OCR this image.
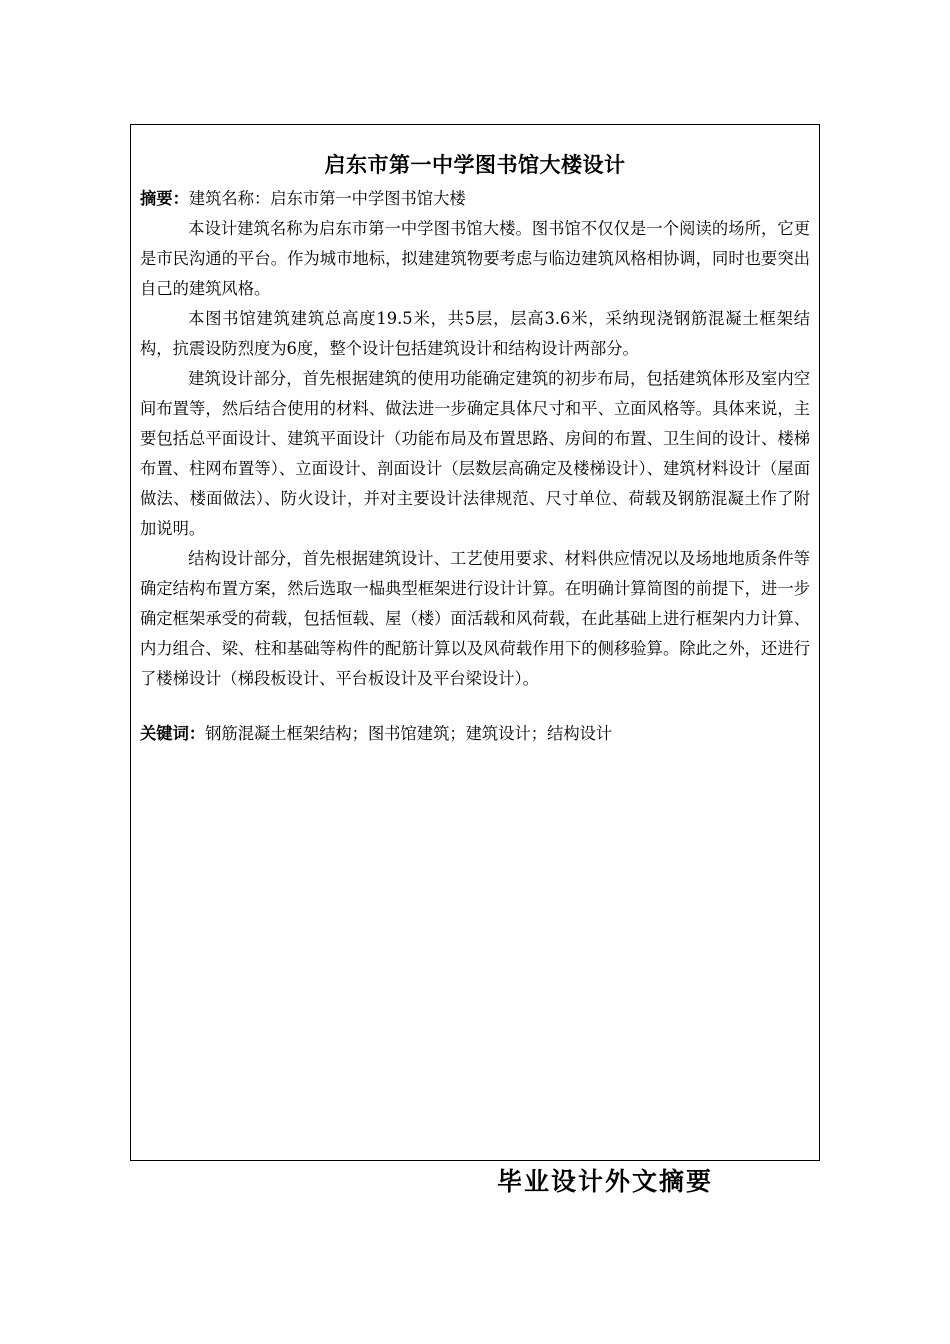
启东市第一中学图书馆大楼设计

摘要：建筑名称：启东市第一中学图书馆大楼

本设计建筑名称为启东市第一中学图书馆大楼。图书馆不仅仅是一个阅读的场所，它更是市民沟通的平台。作为城市地标，拟建建筑物要考虑与临边建筑风格相协调，同时也要突出自己的建筑风格。

本图书馆建筑建筑总高度19.5米，共5层，层高3.6米，采纳现浇钢筋混凝土框架结构，抗震设防烈度为6度，整个设计包括建筑设计和结构设计两部分。

建筑设计部分，首先根据建筑的使用功能确定建筑的初步布局，包括建筑体形及室内空间布置等，然后结合使用的材料、做法进一步确定具体尺寸和平、立面风格等。具体来说，主要包括总平面设计、建筑平面设计（功能布局及布置思路、房间的布置、卫生间的设计、楼梯布置、柱网布置等）、立面设计、剖面设计（层数层高确定及楼梯设计）、建筑材料设计（屋面做法、楼面做法）、防火设计，并对主要设计法律规范、尺寸单位、荷载及钢筋混凝土作了附加说明。

结构设计部分，首先根据建筑设计、工艺使用要求、材料供应情况以及场地地质条件等确定结构布置方案，然后选取一榀典型框架进行设计计算。在明确计算简图的前提下，进一步确定框架承受的荷载，包括恒载、屋（楼）面活载和风荷载，在此基础上进行框架内力计算、内力组合、梁、柱和基础等构件的配筋计算以及风荷载作用下的侧移验算。除此之外，还进行了楼梯设计（梯段板设计、平台板设计及平台梁设计）。

关键词：钢筋混凝土框架结构；图书馆建筑；建筑设计；结构设计

毕业设计外文摘要
